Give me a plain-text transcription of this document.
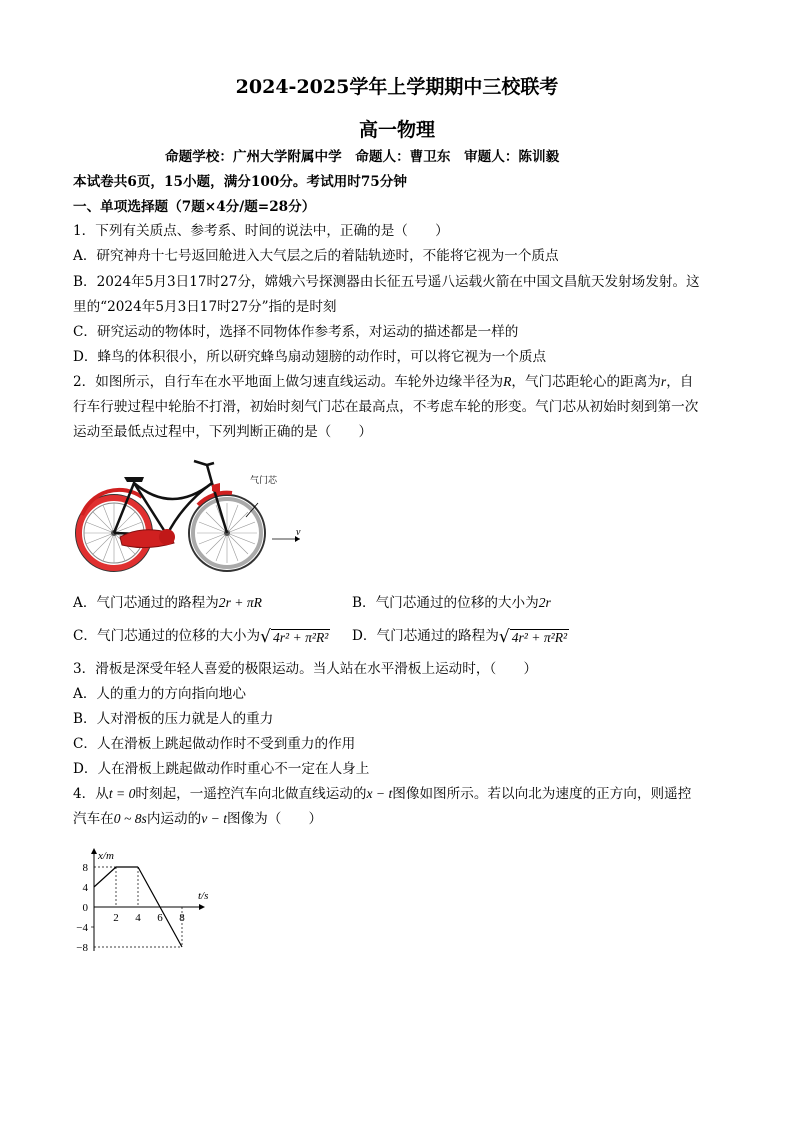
2024-2025学年上学期期中三校联考
高一物理
命题学校：广州大学附属中学　命题人：曹卫东　审题人：陈训毅
本试卷共6页，15小题，满分100分。考试用时75分钟
一、单项选择题（7题×4分/题=28分）
1．下列有关质点、参考系、时间的说法中，正确的是（　　）
A．研究神舟十七号返回舱进入大气层之后的着陆轨迹时，不能将它视为一个质点
B．2024年5月3日17时27分，嫦娥六号探测器由长征五号遥八运载火箭在中国文昌航天发射场发射。这
里的“2024年5月3日17时27分”指的是时刻
C．研究运动的物体时，选择不同物体作参考系，对运动的描述都是一样的
D．蜂鸟的体积很小，所以研究蜂鸟扇动翅膀的动作时，可以将它视为一个质点
2．如图所示，自行车在水平地面上做匀速直线运动。车轮外边缘半径为R，气门芯距轮心的距离为r，自
行车行驶过程中轮胎不打滑，初始时刻气门芯在最高点，不考虑车轮的形变。气门芯从初始时刻到第一次
运动至最低点过程中，下列判断正确的是（　　）
气门芯
v
A．气门芯通过的路程为2r + πR	B．气门芯通过的位移的大小为2r
C．气门芯通过的位移的大小为 √ 4r² + π²R² D．气门芯通过的路程为 √ 4r² + π²R²
3．滑板是深受年轻人喜爱的极限运动。当人站在水平滑板上运动时，（　　）
A．人的重力的方向指向地心
B．人对滑板的压力就是人的重力
C．人在滑板上跳起做动作时不受到重力的作用
D．人在滑板上跳起做动作时重心不一定在人身上
4．从t = 0时刻起，一遥控汽车向北做直线运动的x − t图像如图所示。若以向北为速度的正方向，则遥控
汽车在0 ~ 8s内运动的v − t图像为（　　）
x/m
t/s
8
4
0
−4
−8
2 4 6 8
